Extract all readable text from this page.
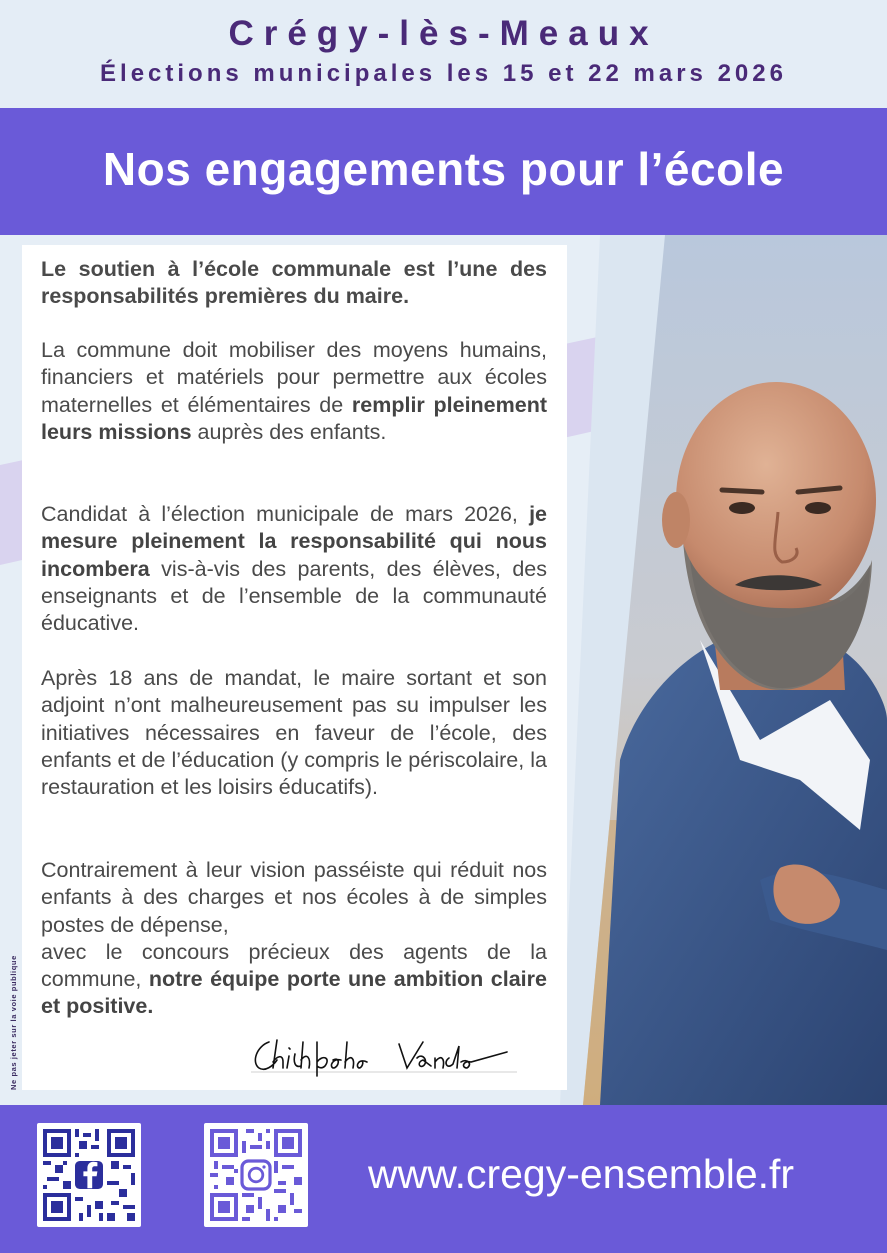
Crégy-lès-Meaux
Élections municipales les 15 et 22 mars 2026
Nos engagements pour l’école

Le soutien à l’école communale est l’une des responsabilités premières du maire.

La commune doit mobiliser des moyens humains, financiers et matériels pour permettre aux écoles maternelles et élémentaires de remplir pleinement leurs missions auprès des enfants.

Candidat à l’élection municipale de mars 2026, je mesure pleinement la responsabilité qui nous incombera vis-à-vis des parents, des élèves, des enseignants et de l’ensemble de la communauté éducative.

Après 18 ans de mandat, le maire sortant et son adjoint n’ont malheureusement pas su impulser les initiatives nécessaires en faveur de l’école, des enfants et de l’éducation (y compris le périscolaire, la restauration et les loisirs éducatifs).

Contrairement à leur vision passéiste qui réduit nos enfants à des charges et nos écoles à de simples postes de dépense,
avec le concours précieux des agents de la commune, notre équipe porte une ambition claire et positive.

Ne pas jeter sur la voie publique
www.cregy-ensemble.fr
